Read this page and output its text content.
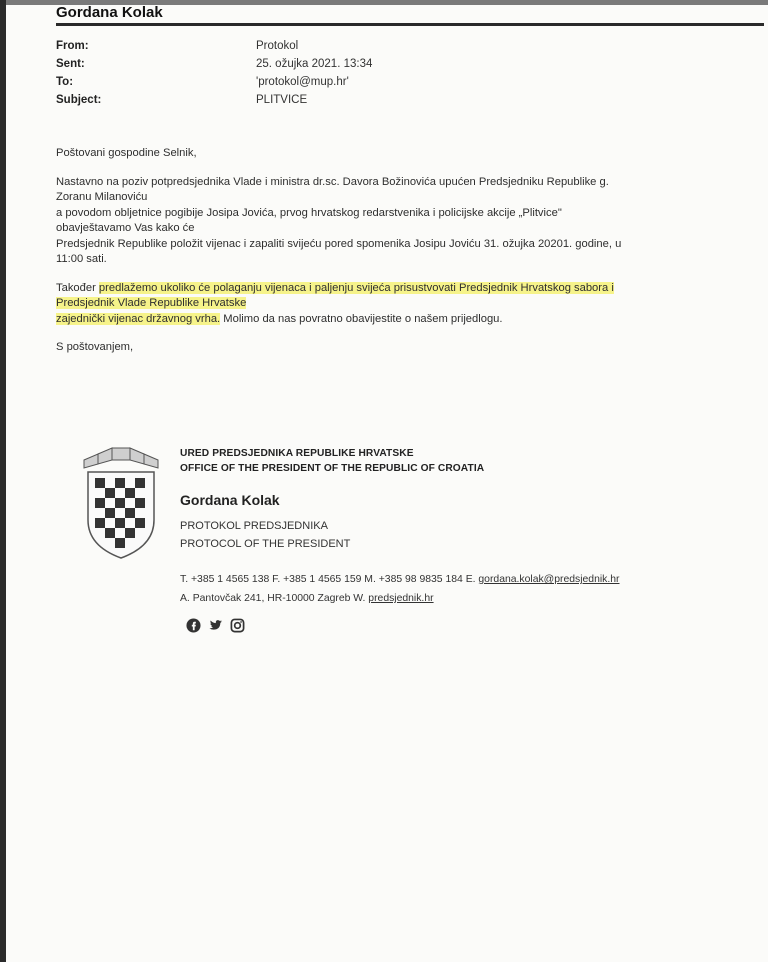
Gordana Kolak
From:	Protokol
Sent:	25. ožujka 2021. 13:34
To:	'protokol@mup.hr'
Subject:	PLITVICE

Poštovani gospodine Selnik,

Nastavno na poziv potpredsjednika Vlade i ministra dr.sc. Davora Božinovića upućen Predsjedniku Republike g.
Zoranu Milanoviću
a povodom obljetnice pogibije Josipa Jovića, prvog hrvatskog redarstvenika i policijske akcije „Plitvice"
obavještavamo Vas kako će
Predsjednik Republike položit vijenac i zapaliti svijeću pored spomenika Josipu Joviću 31. ožujka 20201. godine, u
11:00 sati.

Također predlažemo ukoliko će polaganju vijenaca i paljenju svijeća prisustvovati Predsjednik Hrvatskog sabora i
Predsjednik Vlade Republike Hrvatske
zajednički vijenac državnog vrha. Molimo da nas povratno obavijestite o našem prijedlogu.

S poštovanjem,

URED PREDSJEDNIKA REPUBLIKE HRVATSKE
OFFICE OF THE PRESIDENT OF THE REPUBLIC OF CROATIA
Gordana Kolak
PROTOKOL PREDSJEDNIKA
PROTOCOL OF THE PRESIDENT
T. +385 1 4565 138 F. +385 1 4565 159 M. +385 98 9835 184 E. gordana.kolak@predsjednik.hr
A. Pantovčak 241, HR-10000 Zagreb W. predsjednik.hr
